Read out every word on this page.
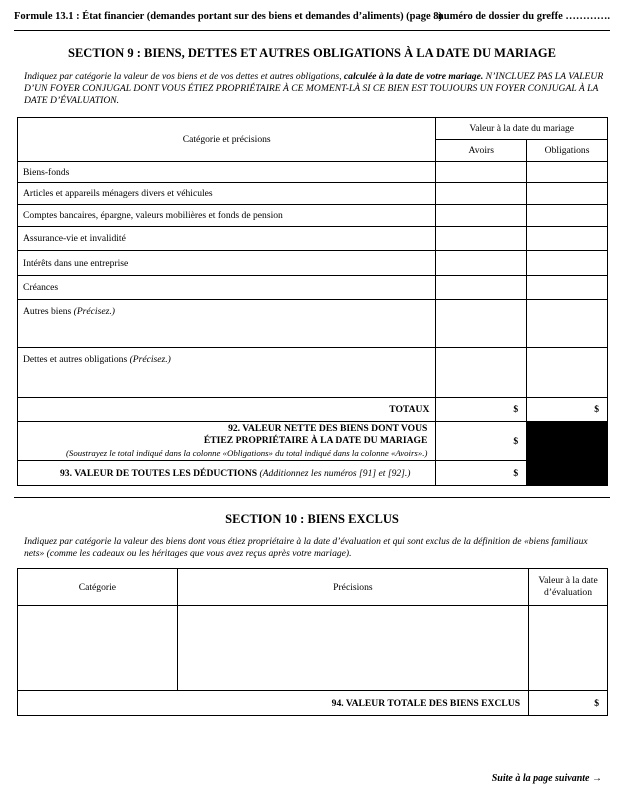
Formule 13.1 : État financier (demandes portant sur des biens et demandes d’aliments) (page 8)
numéro de dossier du greffe ………….
SECTION 9 : BIENS, DETTES ET AUTRES OBLIGATIONS À LA DATE DU MARIAGE
Indiquez par catégorie la valeur de vos biens et de vos dettes et autres obligations, calculée à la date de votre mariage. N’INCLUEZ PAS LA VALEUR D’UN FOYER CONJUGAL DONT VOUS ÉTIEZ PROPRIÉTAIRE À CE MOMENT-LÀ SI CE BIEN EST TOUJOURS UN FOYER CONJUGAL À LA DATE D’ÉVALUATION.
Catégorie et précisions	Valeur à la date du mariage	
	Avoirs	Obligations
Biens-fonds		
Articles et appareils ménagers divers et véhicules		
Comptes bancaires, épargne, valeurs mobilières et fonds de pension		
Assurance-vie et invalidité		
Intérêts dans une entreprise		
Créances		
Autres biens (Précisez.)		
Dettes et autres obligations (Précisez.)		
TOTAUX	$	$

92. VALEUR NETTE DES BIENS DONT VOUS ÉTIEZ PROPRIÉTAIRE À LA DATE DU MARIAGE
(Soustrayez le total indiqué dans la colonne «Obligations» du total indiqué dans la colonne «Avoirs».)	$	
93. VALEUR DE TOUTES LES DÉDUCTIONS (Additionnez les numéros [91] et [92].)	$	
SECTION 10 : BIENS EXCLUS
Indiquez par catégorie la valeur des biens dont vous étiez propriétaire à la date d’évaluation et qui sont exclus de la définition de «biens familiaux nets» (comme les cadeaux ou les héritages que vous avez reçus après votre mariage).
Catégorie	Précisions	Valeur à la date d’évaluation

94. VALEUR TOTALE DES BIENS EXCLUS		$
Suite à la page suivante →
